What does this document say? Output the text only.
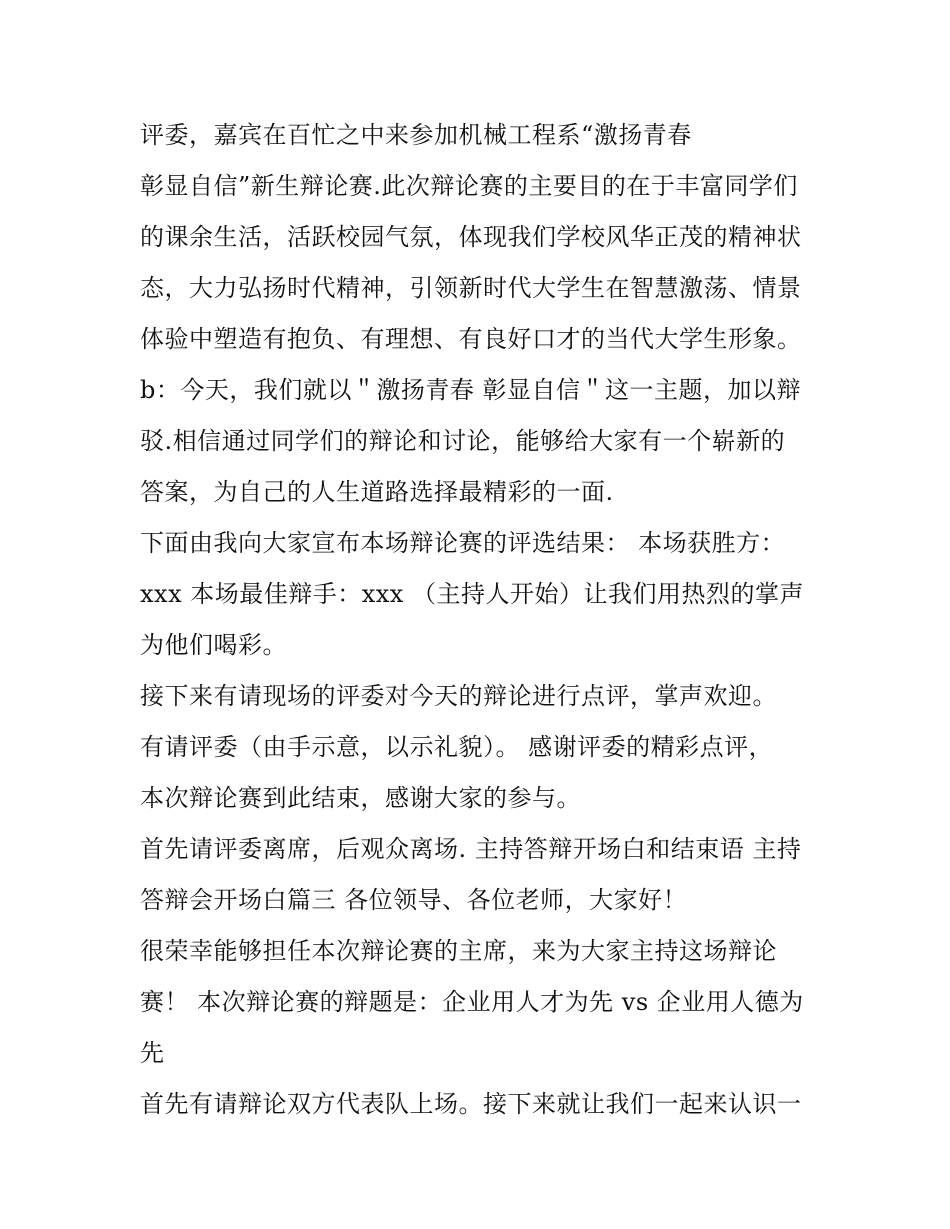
评委，嘉宾在百忙之中来参加机械工程系“激扬青春
彰显自信”新生辩论赛.此次辩论赛的主要目的在于丰富同学们
的课余生活，活跃校园气氛，体现我们学校风华正茂的精神状
态，大力弘扬时代精神，引领新时代大学生在智慧激荡、情景
体验中塑造有抱负、有理想、有良好口才的当代大学生形象。
b：今天，我们就以＂激扬青春 彰显自信＂这一主题，加以辩
驳.相信通过同学们的辩论和讨论，能够给大家有一个崭新的
答案，为自己的人生道路选择最精彩的一面.
下面由我向大家宣布本场辩论赛的评选结果： 本场获胜方：
xxx 本场最佳辩手：xxx （主持人开始）让我们用热烈的掌声
为他们喝彩。
接下来有请现场的评委对今天的辩论进行点评，掌声欢迎。
有请评委（由手示意，以示礼貌）。 感谢评委的精彩点评，
本次辩论赛到此结束，感谢大家的参与。
首先请评委离席，后观众离场. 主持答辩开场白和结束语 主持
答辩会开场白篇三 各位领导、各位老师，大家好！
很荣幸能够担任本次辩论赛的主席，来为大家主持这场辩论
赛！ 本次辩论赛的辩题是：企业用人才为先 vs 企业用人德为
先
首先有请辩论双方代表队上场。接下来就让我们一起来认识一
